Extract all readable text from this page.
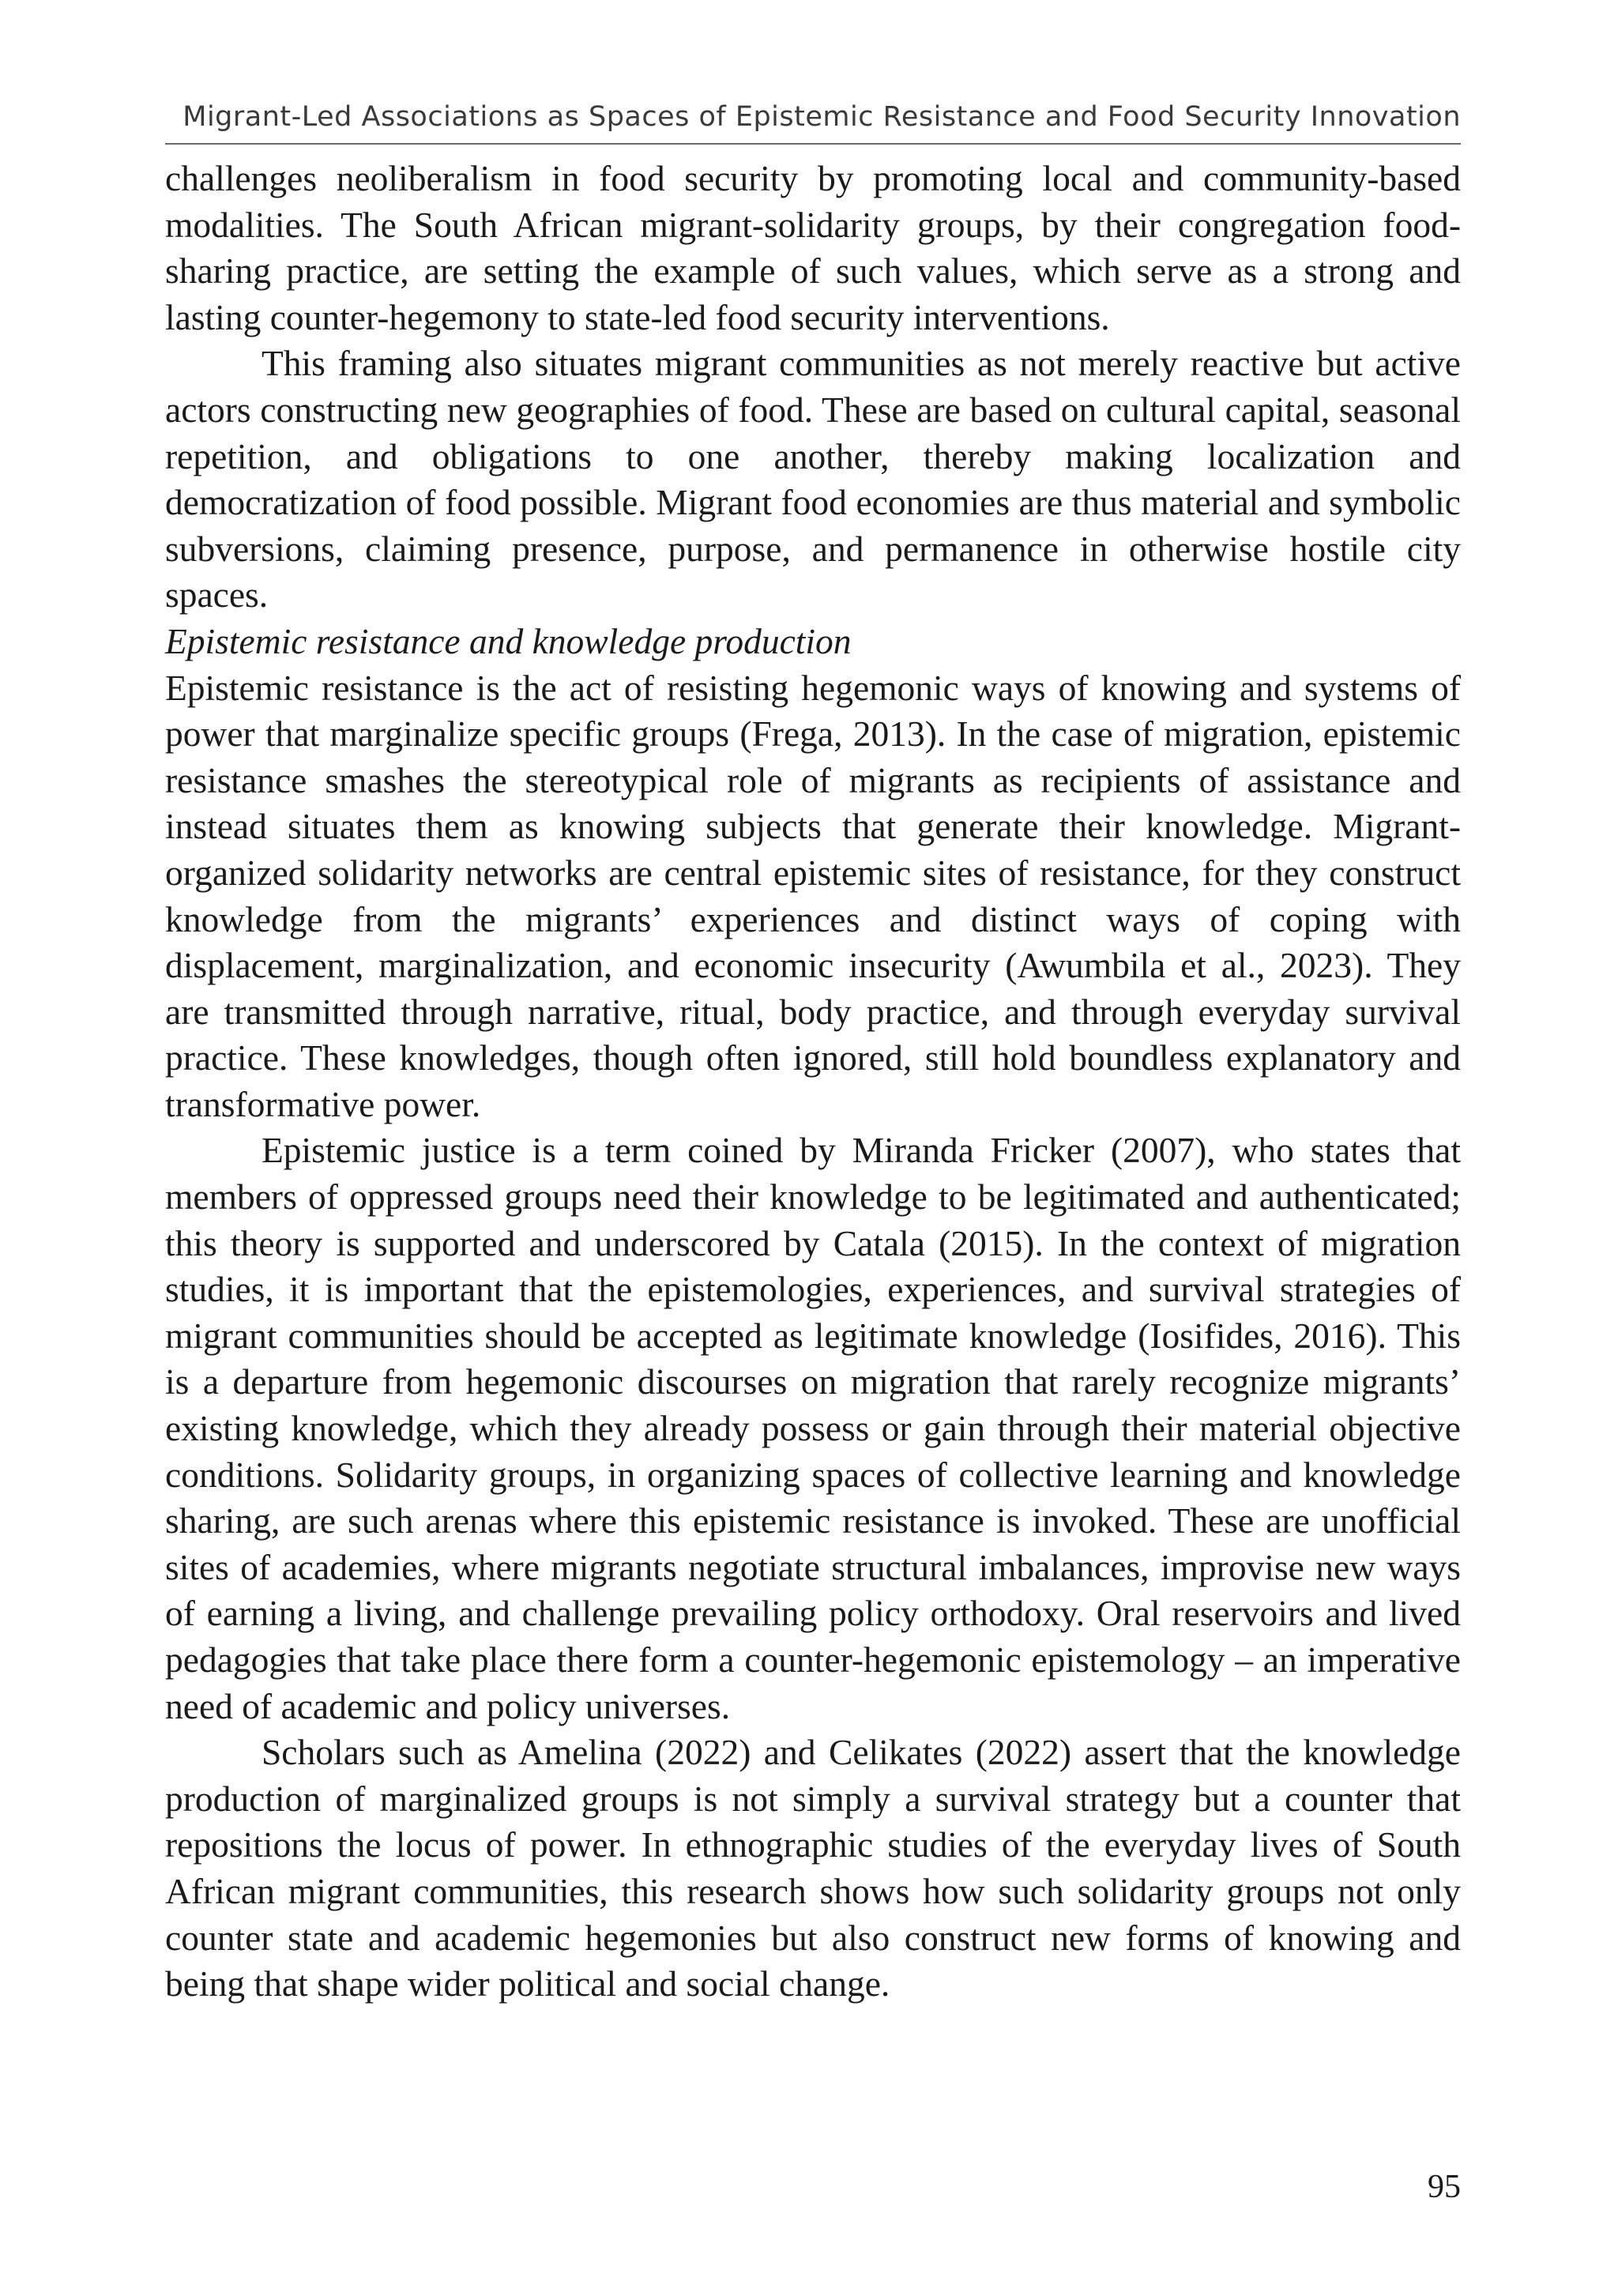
Migrant-Led Associations as Spaces of Epistemic Resistance and Food Security Innovation

challenges neoliberalism in food security by promoting local and community-based modalities. The South African migrant-solidarity groups, by their congregation food-sharing practice, are setting the example of such values, which serve as a strong and lasting counter-hegemony to state-led food security interventions.

This framing also situates migrant communities as not merely reactive but active actors constructing new geographies of food. These are based on cultural capital, seasonal repetition, and obligations to one another, thereby making localization and democratization of food possible. Migrant food economies are thus material and symbolic subversions, claiming presence, purpose, and permanence in otherwise hostile city spaces.

Epistemic resistance and knowledge production

Epistemic resistance is the act of resisting hegemonic ways of knowing and systems of power that marginalize specific groups (Frega, 2013). In the case of migration, epistemic resistance smashes the stereotypical role of migrants as recipients of assistance and instead situates them as knowing subjects that generate their knowledge. Migrant-organized solidarity networks are central epistemic sites of resistance, for they construct knowledge from the migrants’ experiences and distinct ways of coping with displacement, marginalization, and economic insecurity (Awumbila et al., 2023). They are transmitted through narrative, ritual, body practice, and through everyday survival practice. These knowledges, though often ignored, still hold boundless explanatory and transformative power.

Epistemic justice is a term coined by Miranda Fricker (2007), who states that members of oppressed groups need their knowledge to be legitimated and authenticated; this theory is supported and underscored by Catala (2015). In the context of migration studies, it is important that the epistemologies, experiences, and survival strategies of migrant communities should be accepted as legitimate knowledge (Iosifides, 2016). This is a departure from hegemonic discourses on migration that rarely recognize migrants’ existing knowledge, which they already possess or gain through their material objective conditions. Solidarity groups, in organizing spaces of collective learning and knowledge sharing, are such arenas where this epistemic resistance is invoked. These are unofficial sites of academies, where migrants negotiate structural imbalances, improvise new ways of earning a living, and challenge prevailing policy orthodoxy. Oral reservoirs and lived pedagogies that take place there form a counter-hegemonic epistemology – an imperative need of academic and policy universes.

Scholars such as Amelina (2022) and Celikates (2022) assert that the knowledge production of marginalized groups is not simply a survival strategy but a counter that repositions the locus of power. In ethnographic studies of the everyday lives of South African migrant communities, this research shows how such solidarity groups not only counter state and academic hegemonies but also construct new forms of knowing and being that shape wider political and social change.

95
